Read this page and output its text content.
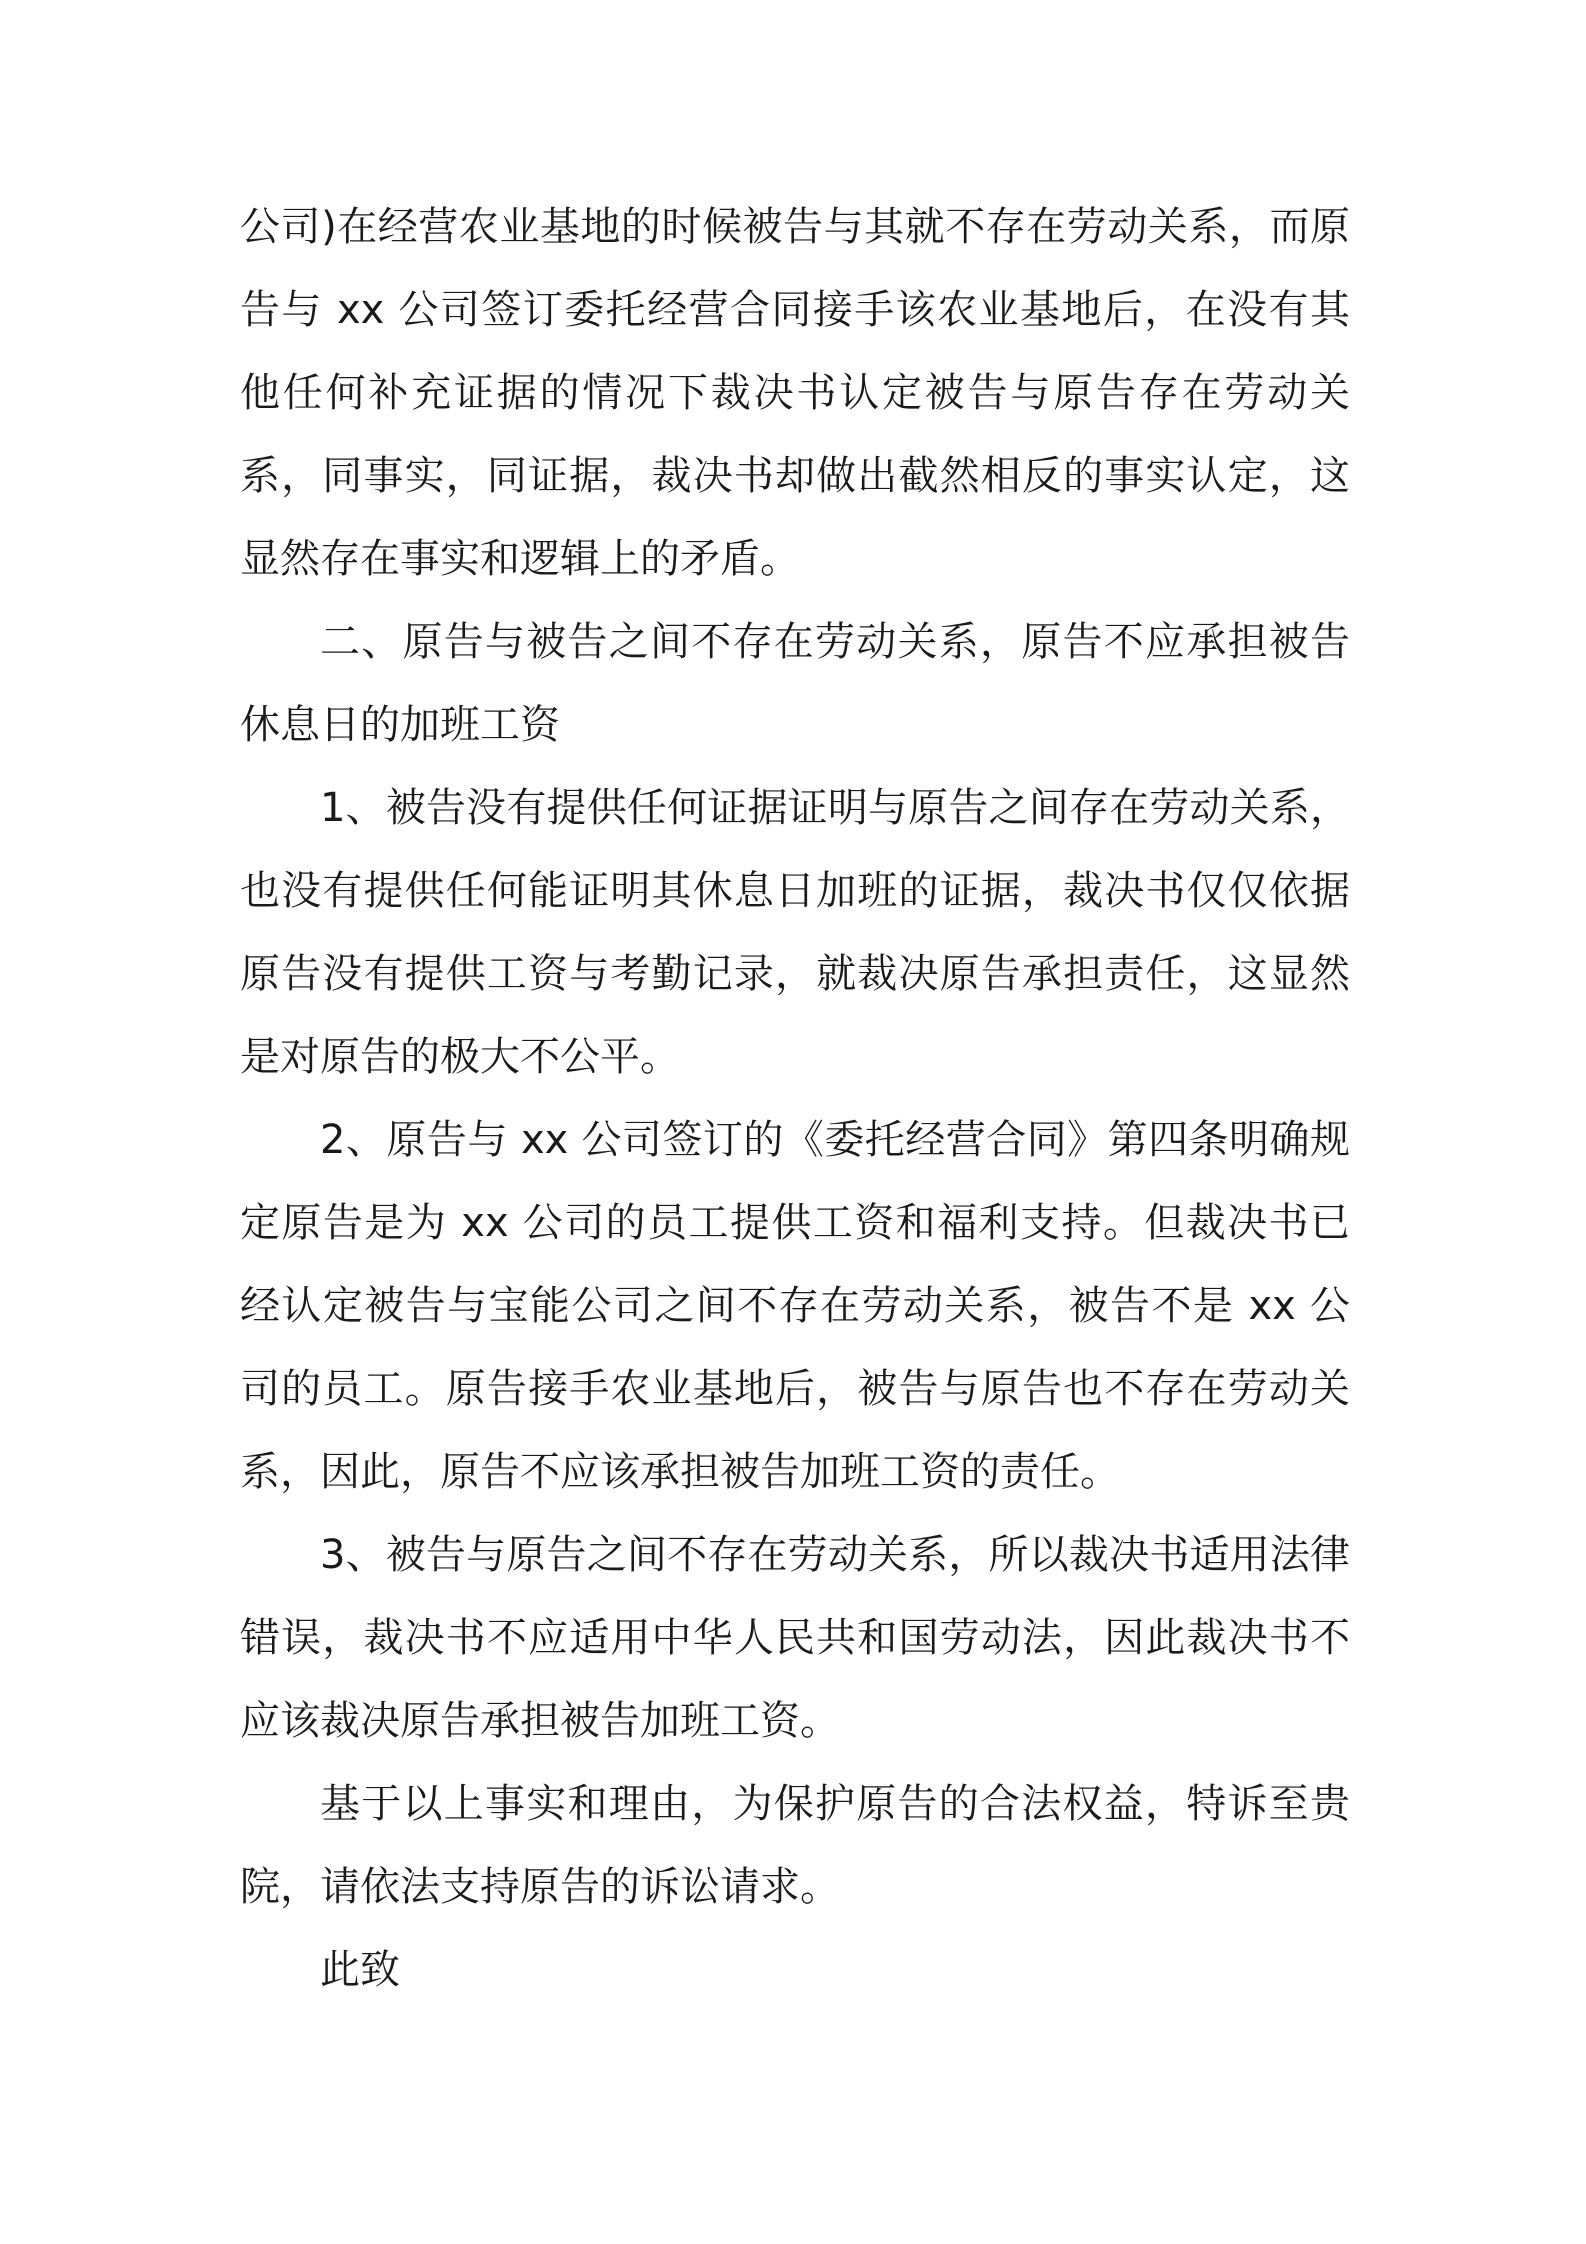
公司)在经营农业基地的时候被告与其就不存在劳动关系，而原告与 xx 公司签订委托经营合同接手该农业基地后，在没有其他任何补充证据的情况下裁决书认定被告与原告存在劳动关系，同事实，同证据，裁决书却做出截然相反的事实认定，这显然存在事实和逻辑上的矛盾。

二、原告与被告之间不存在劳动关系，原告不应承担被告休息日的加班工资

1、被告没有提供任何证据证明与原告之间存在劳动关系，也没有提供任何能证明其休息日加班的证据，裁决书仅仅依据原告没有提供工资与考勤记录，就裁决原告承担责任，这显然是对原告的极大不公平。

2、原告与 xx 公司签订的《委托经营合同》第四条明确规定原告是为 xx 公司的员工提供工资和福利支持。但裁决书已经认定被告与宝能公司之间不存在劳动关系，被告不是 xx 公司的员工。原告接手农业基地后，被告与原告也不存在劳动关系，因此，原告不应该承担被告加班工资的责任。

3、被告与原告之间不存在劳动关系，所以裁决书适用法律错误，裁决书不应适用中华人民共和国劳动法，因此裁决书不应该裁决原告承担被告加班工资。

基于以上事实和理由，为保护原告的合法权益，特诉至贵院，请依法支持原告的诉讼请求。

此致
